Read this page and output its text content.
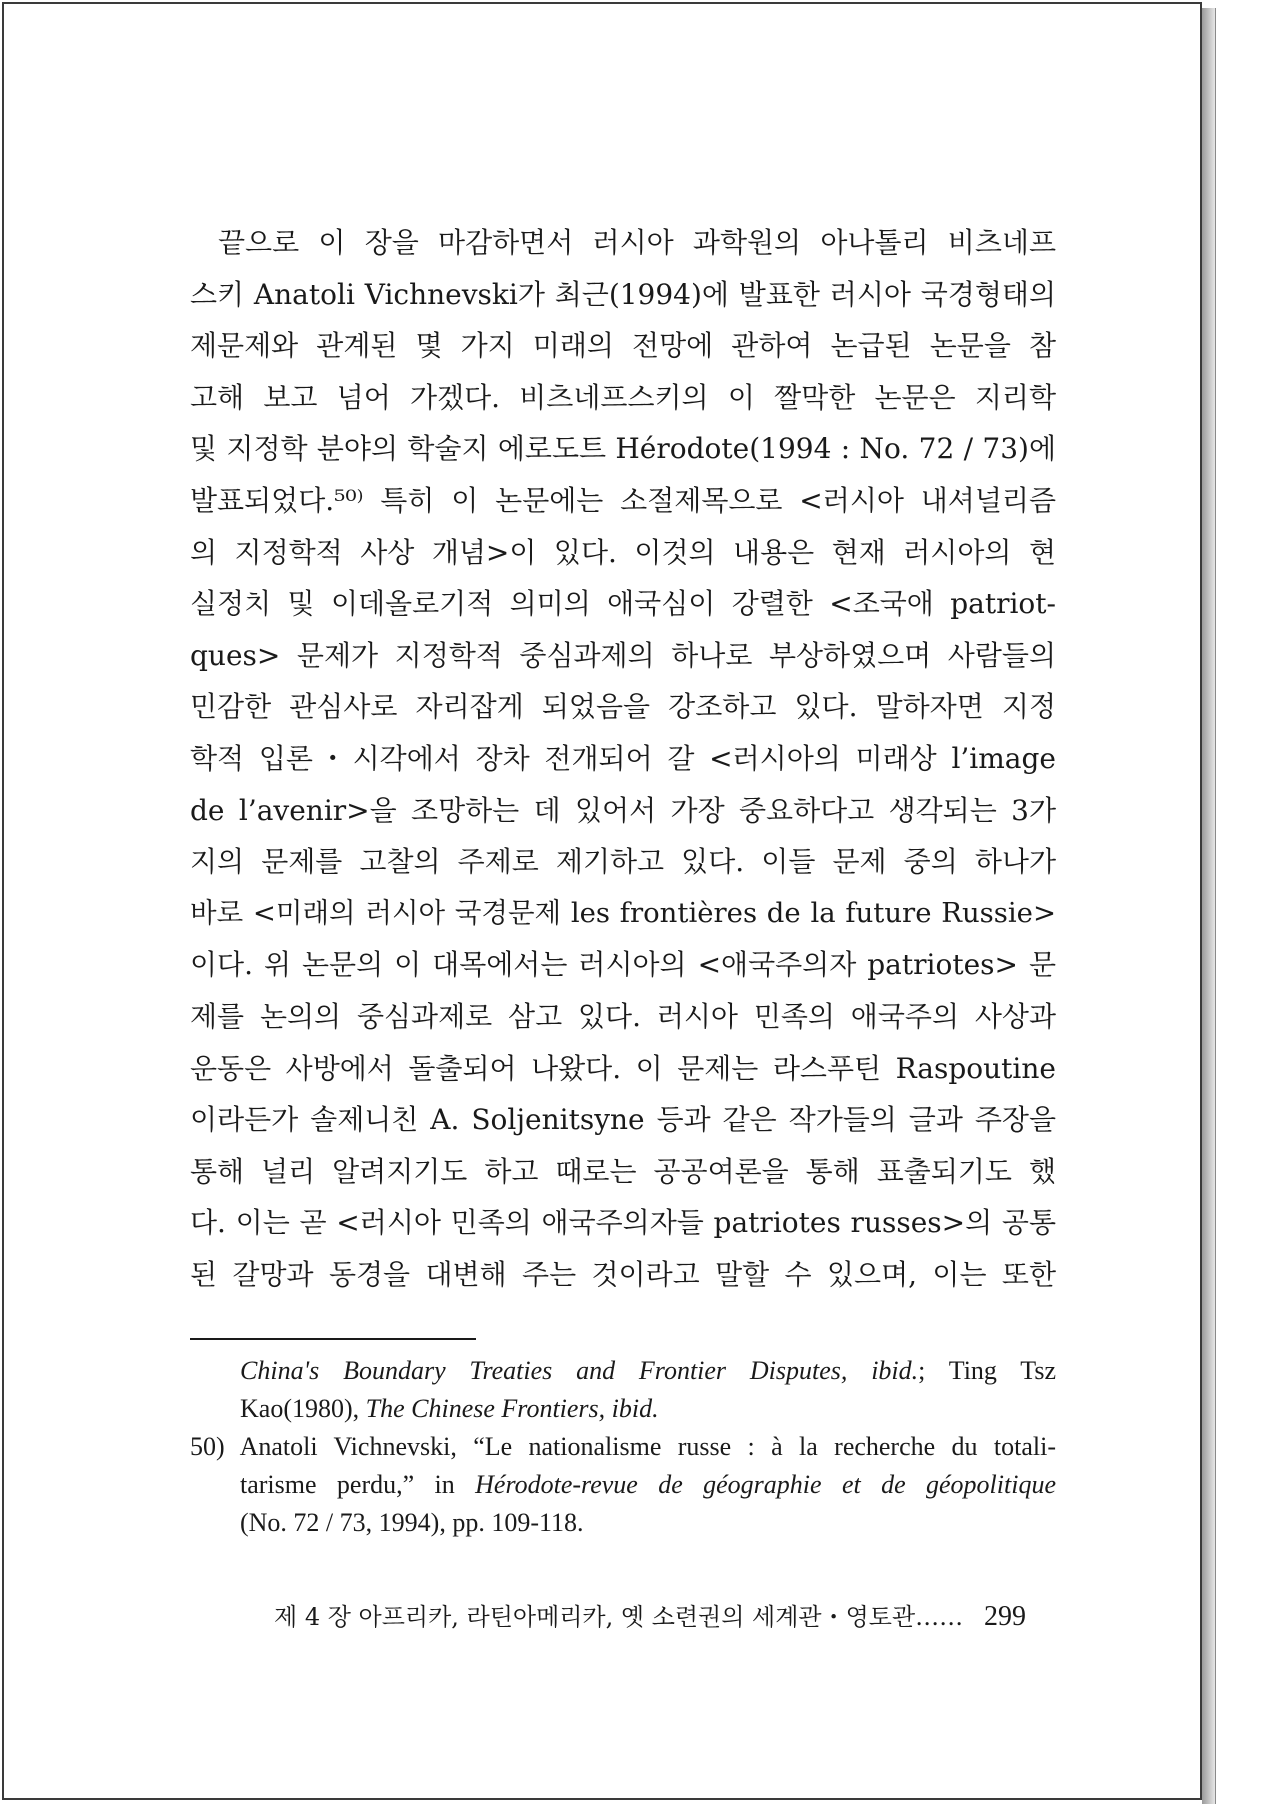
끝으로 이 장을 마감하면서 러시아 과학원의 아나톨리 비츠네프
스키 Anatoli Vichnevski가 최근(1994)에 발표한 러시아 국경형태의
제문제와 관계된 몇 가지 미래의 전망에 관하여 논급된 논문을 참
고해 보고 넘어 가겠다. 비츠네프스키의 이 짤막한 논문은 지리학
및 지정학 분야의 학술지 에로도트 Hérodote(1994 : No. 72 / 73)에
발표되었다.⁵⁰⁾ 특히 이 논문에는 소절제목으로 <러시아 내셔널리즘
의 지정학적 사상 개념>이 있다. 이것의 내용은 현재 러시아의 현
실정치 및 이데올로기적 의미의 애국심이 강렬한 <조국애 patriot-
ques> 문제가 지정학적 중심과제의 하나로 부상하였으며 사람들의
민감한 관심사로 자리잡게 되었음을 강조하고 있다. 말하자면 지정
학적 입론・시각에서 장차 전개되어 갈 <러시아의 미래상 l’image
de l’avenir>을 조망하는 데 있어서 가장 중요하다고 생각되는 3가
지의 문제를 고찰의 주제로 제기하고 있다. 이들 문제 중의 하나가
바로 <미래의 러시아 국경문제 les frontières de la future Russie>
이다. 위 논문의 이 대목에서는 러시아의 <애국주의자 patriotes> 문
제를 논의의 중심과제로 삼고 있다. 러시아 민족의 애국주의 사상과
운동은 사방에서 돌출되어 나왔다. 이 문제는 라스푸틴 Raspoutine
이라든가 솔제니친 A. Soljenitsyne 등과 같은 작가들의 글과 주장을
통해 널리 알려지기도 하고 때로는 공공여론을 통해 표출되기도 했
다. 이는 곧 <러시아 민족의 애국주의자들 patriotes russes>의 공통
된 갈망과 동경을 대변해 주는 것이라고 말할 수 있으며, 이는 또한
China's Boundary Treaties and Frontier Disputes, ibid.; Ting Tsz
Kao(1980), The Chinese Frontiers, ibid.
50) Anatoli Vichnevski, “Le nationalisme russe : à la recherche du totali-
tarisme perdu,” in Hérodote-revue de géographie et de géopolitique
(No. 72 / 73, 1994), pp. 109-118.
제 4 장 아프리카, 라틴아메리카, 옛 소련권의 세계관・영토관…… 299
